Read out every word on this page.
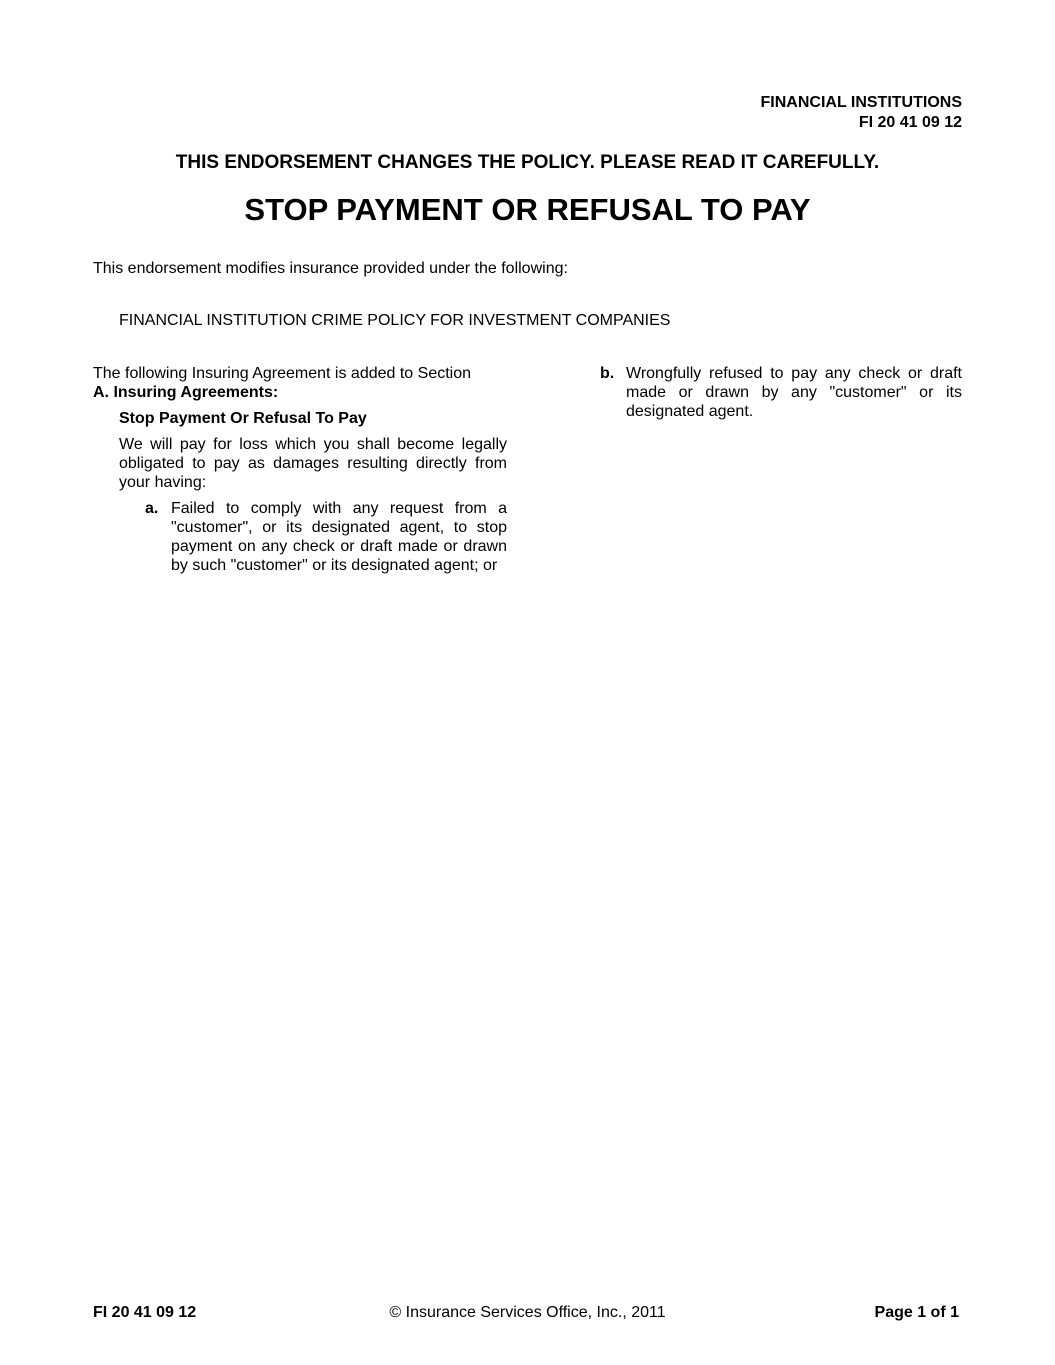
FINANCIAL INSTITUTIONS
FI 20 41 09 12
THIS ENDORSEMENT CHANGES THE POLICY. PLEASE READ IT CAREFULLY.
STOP PAYMENT OR REFUSAL TO PAY
This endorsement modifies insurance provided under the following:
FINANCIAL INSTITUTION CRIME POLICY FOR INVESTMENT COMPANIES
The following Insuring Agreement is added to Section
A. Insuring Agreements:
Stop Payment Or Refusal To Pay
We will pay for loss which you shall become legally obligated to pay as damages resulting directly from your having:
a. Failed to comply with any request from a "customer", or its designated agent, to stop payment on any check or draft made or drawn by such "customer" or its designated agent; or
b. Wrongfully refused to pay any check or draft made or drawn by any "customer" or its designated agent.
FI 20 41 09 12	© Insurance Services Office, Inc., 2011	Page 1 of 1
